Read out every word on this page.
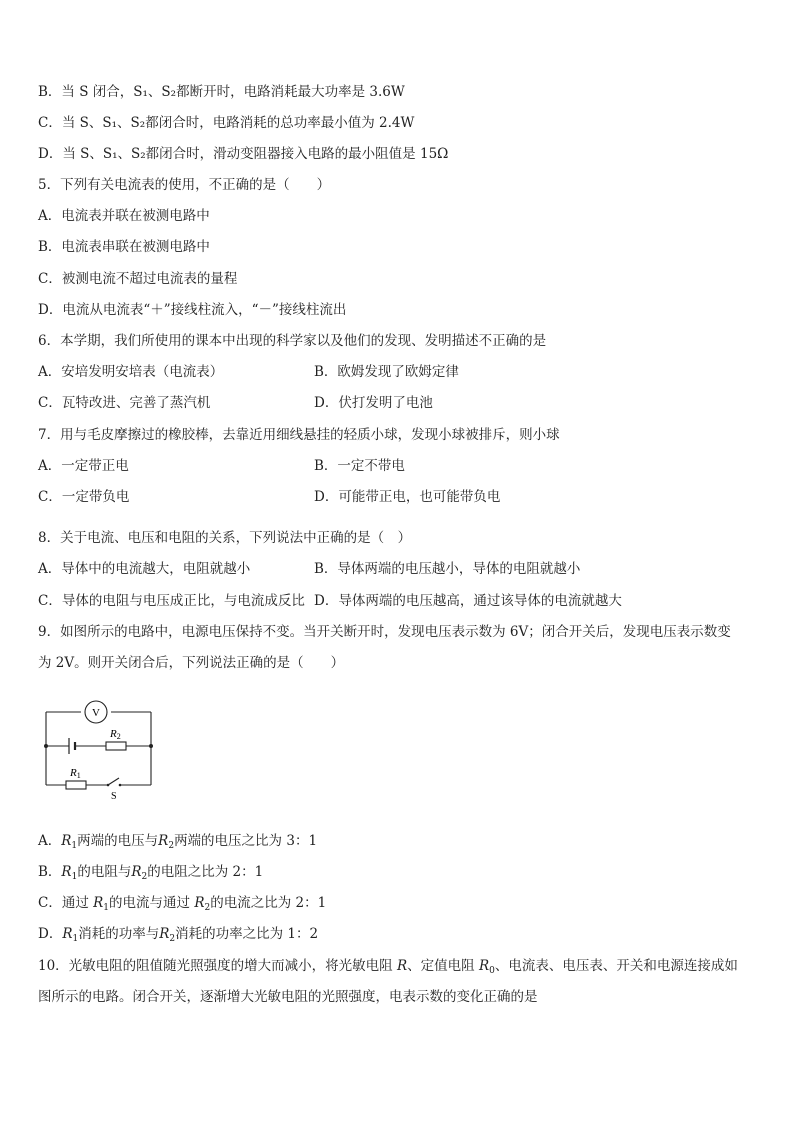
B．当 S 闭合，S₁、S₂都断开时，电路消耗最大功率是 3.6W
C．当 S、S₁、S₂都闭合时，电路消耗的总功率最小值为 2.4W
D．当 S、S₁、S₂都闭合时，滑动变阻器接入电路的最小阻值是 15Ω
5．下列有关电流表的使用，不正确的是（　　）
A．电流表并联在被测电路中
B．电流表串联在被测电路中
C．被测电流不超过电流表的量程
D．电流从电流表“＋”接线柱流入，“－”接线柱流出
6．本学期，我们所使用的课本中出现的科学家以及他们的发现、发明描述不正确的是
A．安培发明安培表（电流表）	B．欧姆发现了欧姆定律
C．瓦特改进、完善了蒸汽机	D．伏打发明了电池
7．用与毛皮摩擦过的橡胶棒，去靠近用细线悬挂的轻质小球，发现小球被排斥，则小球
A．一定带正电	B．一定不带电
C．一定带负电	D．可能带正电，也可能带负电
8．关于电流、电压和电阻的关系，下列说法中正确的是（　）
A．导体中的电流越大，电阻就越小	B．导体两端的电压越小，导体的电阻就越小
C．导体的电阻与电压成正比，与电流成反比 D．导体两端的电压越高，通过该导体的电流就越大
9．如图所示的电路中，电源电压保持不变。当开关断开时，发现电压表示数为 6V；闭合开关后，发现电压表示数变
为 2V。则开关闭合后，下列说法正确的是（　　）
V
R2
R1
S
A．$R_1$两端的电压与$R_2$两端的电压之比为 3：1
B．$R_1$的电阻与$R_2$的电阻之比为 2：1
C．通过 $R_1$的电流与通过 $R_2$的电流之比为 2：1
D．$R_1$消耗的功率与$R_2$消耗的功率之比为 1：2
10．光敏电阻的阻值随光照强度的增大而减小，将光敏电阻 R、定值电阻 $R_0$、电流表、电压表、开关和电源连接成如
图所示的电路。闭合开关，逐渐增大光敏电阻的光照强度，电表示数的变化正确的是
